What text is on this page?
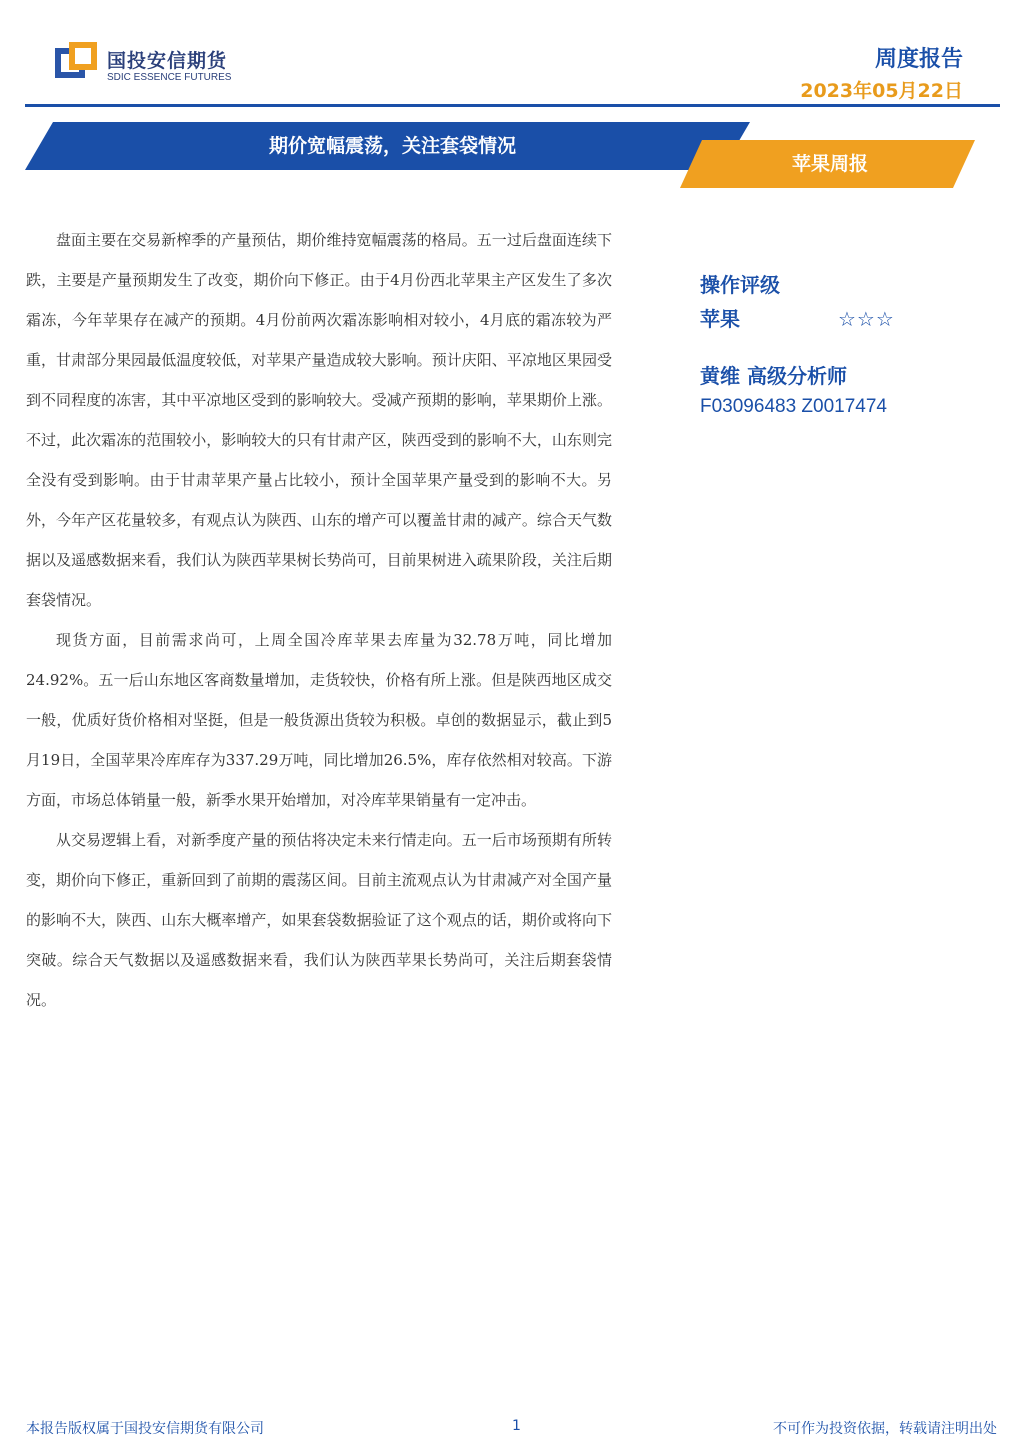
国投安信期货
SDIC ESSENCE FUTURES
周度报告
2023年05月22日
期价宽幅震荡，关注套袋情况
苹果周报

盘面主要在交易新榨季的产量预估，期价维持宽幅震荡的格局。五一过后盘面连续下跌，主要是产量预期发生了改变，期价向下修正。由于4月份西北苹果主产区发生了多次霜冻，今年苹果存在减产的预期。4月份前两次霜冻影响相对较小，4月底的霜冻较为严重，甘肃部分果园最低温度较低，对苹果产量造成较大影响。预计庆阳、平凉地区果园受到不同程度的冻害，其中平凉地区受到的影响较大。受减产预期的影响，苹果期价上涨。不过，此次霜冻的范围较小，影响较大的只有甘肃产区，陕西受到的影响不大，山东则完全没有受到影响。由于甘肃苹果产量占比较小，预计全国苹果产量受到的影响不大。另外，今年产区花量较多，有观点认为陕西、山东的增产可以覆盖甘肃的减产。综合天气数据以及遥感数据来看，我们认为陕西苹果树长势尚可，目前果树进入疏果阶段，关注后期套袋情况。

现货方面，目前需求尚可，上周全国冷库苹果去库量为32.78万吨，同比增加24.92%。五一后山东地区客商数量增加，走货较快，价格有所上涨。但是陕西地区成交一般，优质好货价格相对坚挺，但是一般货源出货较为积极。卓创的数据显示，截止到5月19日，全国苹果冷库库存为337.29万吨，同比增加26.5%，库存依然相对较高。下游方面，市场总体销量一般，新季水果开始增加，对冷库苹果销量有一定冲击。

从交易逻辑上看，对新季度产量的预估将决定未来行情走向。五一后市场预期有所转变，期价向下修正，重新回到了前期的震荡区间。目前主流观点认为甘肃减产对全国产量的影响不大，陕西、山东大概率增产，如果套袋数据验证了这个观点的话，期价或将向下突破。综合天气数据以及遥感数据来看，我们认为陕西苹果长势尚可，关注后期套袋情况。

操作评级
苹果	☆☆☆
黄维 高级分析师
F03096483 Z0017474
本报告版权属于国投安信期货有限公司	1	不可作为投资依据，转载请注明出处
